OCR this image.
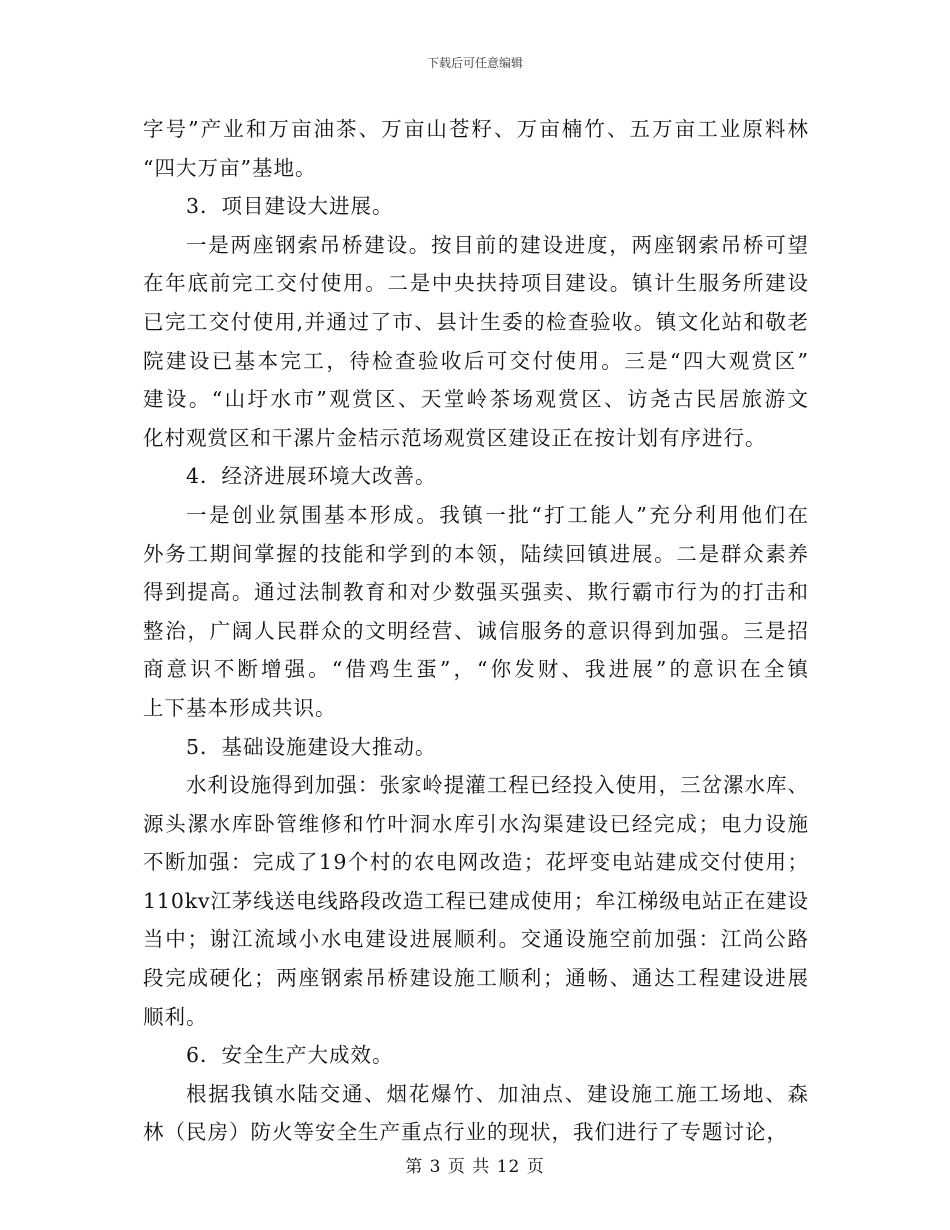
下载后可任意编辑
字号”产业和万亩油茶、万亩山苍籽、万亩楠竹、五万亩工业原料林
“四大万亩”基地。
3．项目建设大进展。
一是两座钢索吊桥建设。按目前的建设进度，两座钢索吊桥可望
在年底前完工交付使用。二是中央扶持项目建设。镇计生服务所建设
已完工交付使用,并通过了市、县计生委的检查验收。镇文化站和敬老
院建设已基本完工，待检查验收后可交付使用。三是“四大观赏区”
建设。“山圩水市”观赏区、天堂岭茶场观赏区、访尧古民居旅游文
化村观赏区和干漯片金桔示范场观赏区建设正在按计划有序进行。
4．经济进展环境大改善。
一是创业氛围基本形成。我镇一批“打工能人”充分利用他们在
外务工期间掌握的技能和学到的本领，陆续回镇进展。二是群众素养
得到提高。通过法制教育和对少数强买强卖、欺行霸市行为的打击和
整治，广阔人民群众的文明经营、诚信服务的意识得到加强。三是招
商意识不断增强。“借鸡生蛋”，“你发财、我进展”的意识在全镇
上下基本形成共识。
5．基础设施建设大推动。
水利设施得到加强：张家岭提灌工程已经投入使用，三岔漯水库、
源头漯水库卧管维修和竹叶洞水库引水沟渠建设已经完成；电力设施
不断加强：完成了19个村的农电网改造；花坪变电站建成交付使用；
110kv江茅线送电线路段改造工程已建成使用；牟江梯级电站正在建设
当中；谢江流域小水电建设进展顺利。交通设施空前加强：江尚公路
段完成硬化；两座钢索吊桥建设施工顺利；通畅、通达工程建设进展
顺利。
6．安全生产大成效。
根据我镇水陆交通、烟花爆竹、加油点、建设施工施工场地、森
林（民房）防火等安全生产重点行业的现状，我们进行了专题讨论，
第 3 页 共 12 页
